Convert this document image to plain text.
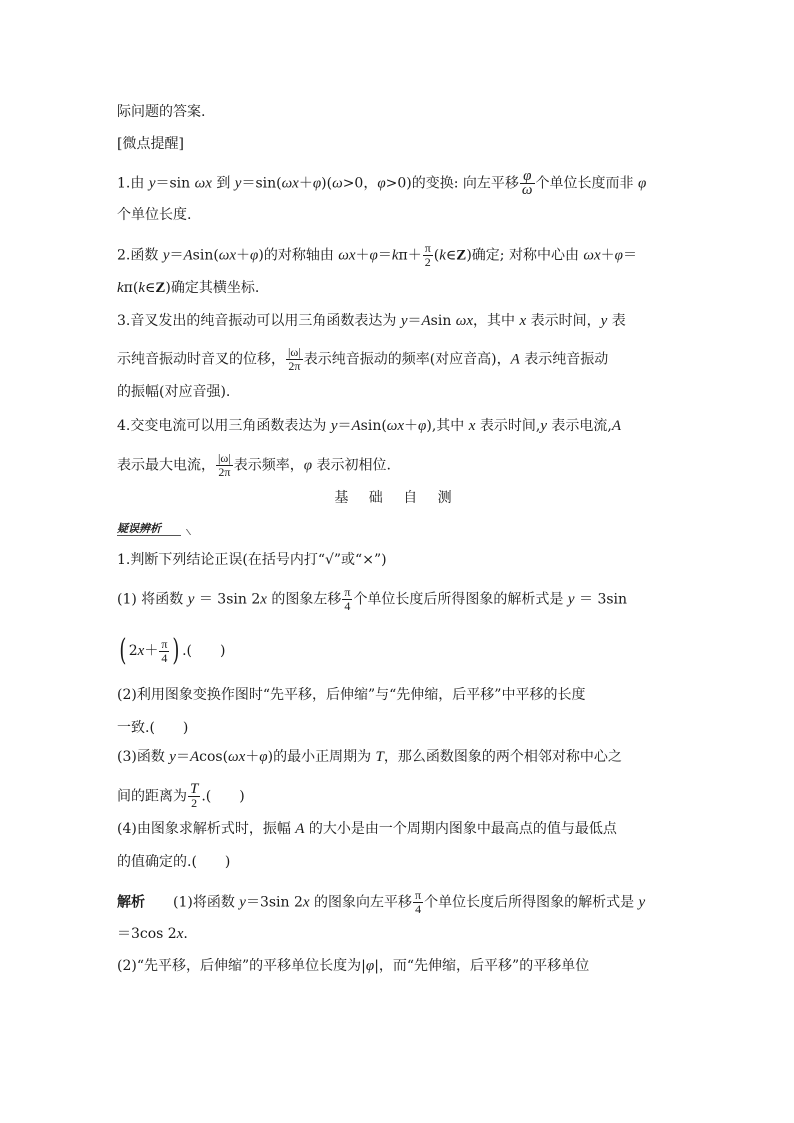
际问题的答案.
[微点提醒]
1.由 y＝sin ωx 到 y＝sin(ωx＋φ)(ω>0，φ>0)的变换: 向左平移 $\frac{\varphi}{\omega}$ 个单位长度而非 φ
个单位长度.
2.函数 y＝Asin(ωx＋φ)的对称轴由 $\omega x+\varphi=k\pi+ \frac{\pi}{2}$ (k∈Z)确定; 对称中心由 ωx＋φ＝
kπ(k∈Z)确定其横坐标.
3.音叉发出的纯音振动可以用三角函数表达为 y＝Asin ωx，其中 x 表示时间，y 表
示纯音振动时音叉的位移， $\frac{|\omega|}{2\pi}$ 表示纯音振动的频率(对应音高)，A 表示纯音振动
的振幅(对应音强).
4.交变电流可以用三角函数表达为 y＝Asin(ωx＋φ),其中 x 表示时间,y 表示电流,A
表示最大电流， $\frac{|\omega|}{2\pi}$ 表示频率，φ 表示初相位.
基 础 自 测
疑误辨析
1.判断下列结论正误(在括号内打“√”或“×”)
(1) 将函数 y ＝ 3sin 2x 的图象左移 $\frac{\pi}{4}$ 个单位长度后所得图象的解析式是 y ＝ 3sin
( $2x+ \frac{\pi}{4}$ ) .(　　)
(2)利用图象变换作图时“先平移，后伸缩”与“先伸缩，后平移”中平移的长度
一致.(　　)
(3)函数 y＝Acos(ωx＋φ)的最小正周期为 T，那么函数图象的两个相邻对称中心之
间的距离为 $\frac{T}{2}$ .(　　)
(4)由图象求解析式时，振幅 A 的大小是由一个周期内图象中最高点的值与最低点
的值确定的.(　　)
解析 (1)将函数 y＝3sin 2x 的图象向左平移 $\frac{\pi}{4}$ 个单位长度后所得图象的解析式是 y
＝3cos 2x.
(2)“先平移，后伸缩”的平移单位长度为|φ|，而“先伸缩，后平移”的平移单位
